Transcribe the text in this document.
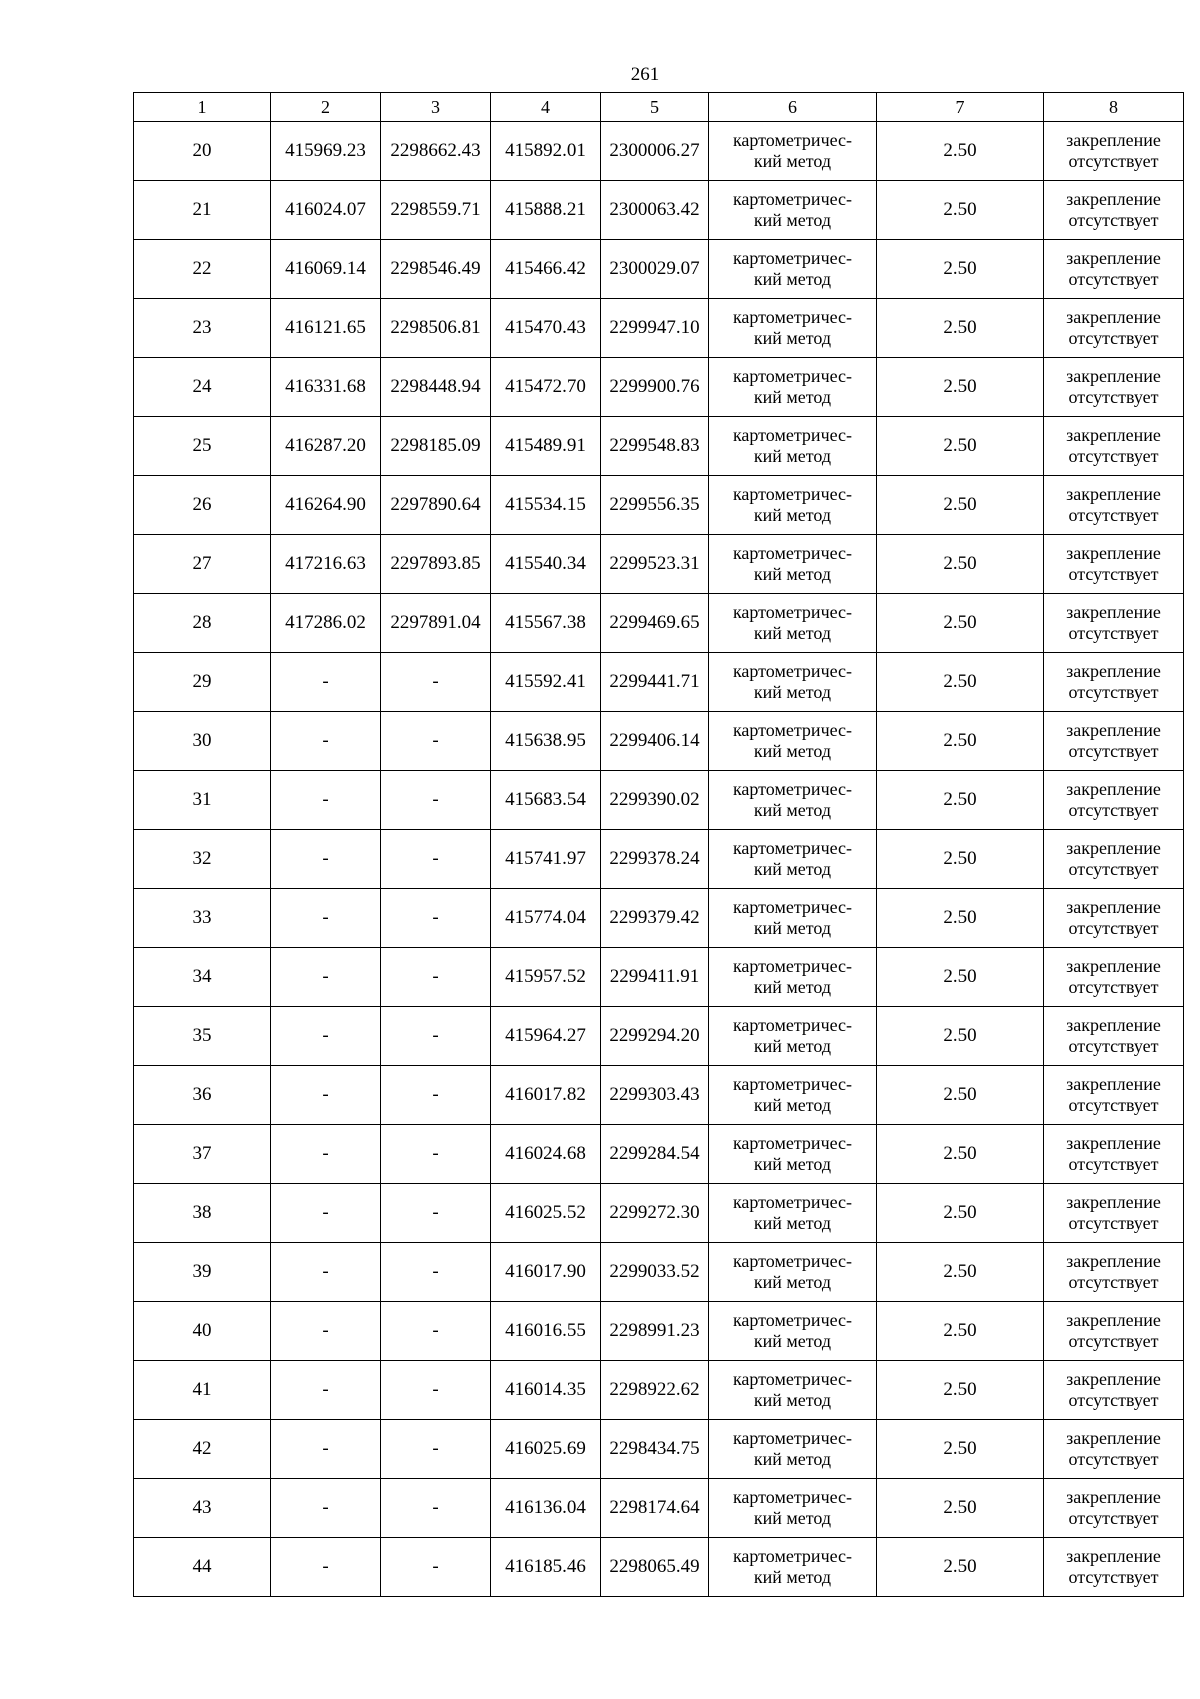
261
1	2	3	4	5	6	7	8
20	415969.23	2298662.43	415892.01	2300006.27	картометричес-
кий метод	2.50	закрепление
отсутствует

21	416024.07	2298559.71	415888.21	2300063.42	картометричес-
кий метод	2.50	закрепление
отсутствует

22	416069.14	2298546.49	415466.42	2300029.07	картометричес-
кий метод	2.50	закрепление
отсутствует

23	416121.65	2298506.81	415470.43	2299947.10	картометричес-
кий метод	2.50	закрепление
отсутствует

24	416331.68	2298448.94	415472.70	2299900.76	картометричес-
кий метод	2.50	закрепление
отсутствует

25	416287.20	2298185.09	415489.91	2299548.83	картометричес-
кий метод	2.50	закрепление
отсутствует

26	416264.90	2297890.64	415534.15	2299556.35	картометричес-
кий метод	2.50	закрепление
отсутствует

27	417216.63	2297893.85	415540.34	2299523.31	картометричес-
кий метод	2.50	закрепление
отсутствует

28	417286.02	2297891.04	415567.38	2299469.65	картометричес-
кий метод	2.50	закрепление
отсутствует

29	-	-	415592.41	2299441.71	картометричес-
кий метод	2.50	закрепление
отсутствует

30	-	-	415638.95	2299406.14	картометричес-
кий метод	2.50	закрепление
отсутствует

31	-	-	415683.54	2299390.02	картометричес-
кий метод	2.50	закрепление
отсутствует

32	-	-	415741.97	2299378.24	картометричес-
кий метод	2.50	закрепление
отсутствует

33	-	-	415774.04	2299379.42	картометричес-
кий метод	2.50	закрепление
отсутствует

34	-	-	415957.52	2299411.91	картометричес-
кий метод	2.50	закрепление
отсутствует

35	-	-	415964.27	2299294.20	картометричес-
кий метод	2.50	закрепление
отсутствует

36	-	-	416017.82	2299303.43	картометричес-
кий метод	2.50	закрепление
отсутствует

37	-	-	416024.68	2299284.54	картометричес-
кий метод	2.50	закрепление
отсутствует

38	-	-	416025.52	2299272.30	картометричес-
кий метод	2.50	закрепление
отсутствует

39	-	-	416017.90	2299033.52	картометричес-
кий метод	2.50	закрепление
отсутствует

40	-	-	416016.55	2298991.23	картометричес-
кий метод	2.50	закрепление
отсутствует

41	-	-	416014.35	2298922.62	картометричес-
кий метод	2.50	закрепление
отсутствует

42	-	-	416025.69	2298434.75	картометричес-
кий метод	2.50	закрепление
отсутствует

43	-	-	416136.04	2298174.64	картометричес-
кий метод	2.50	закрепление
отсутствует

44	-	-	416185.46	2298065.49	картометричес-
кий метод	2.50	закрепление
отсутствует
